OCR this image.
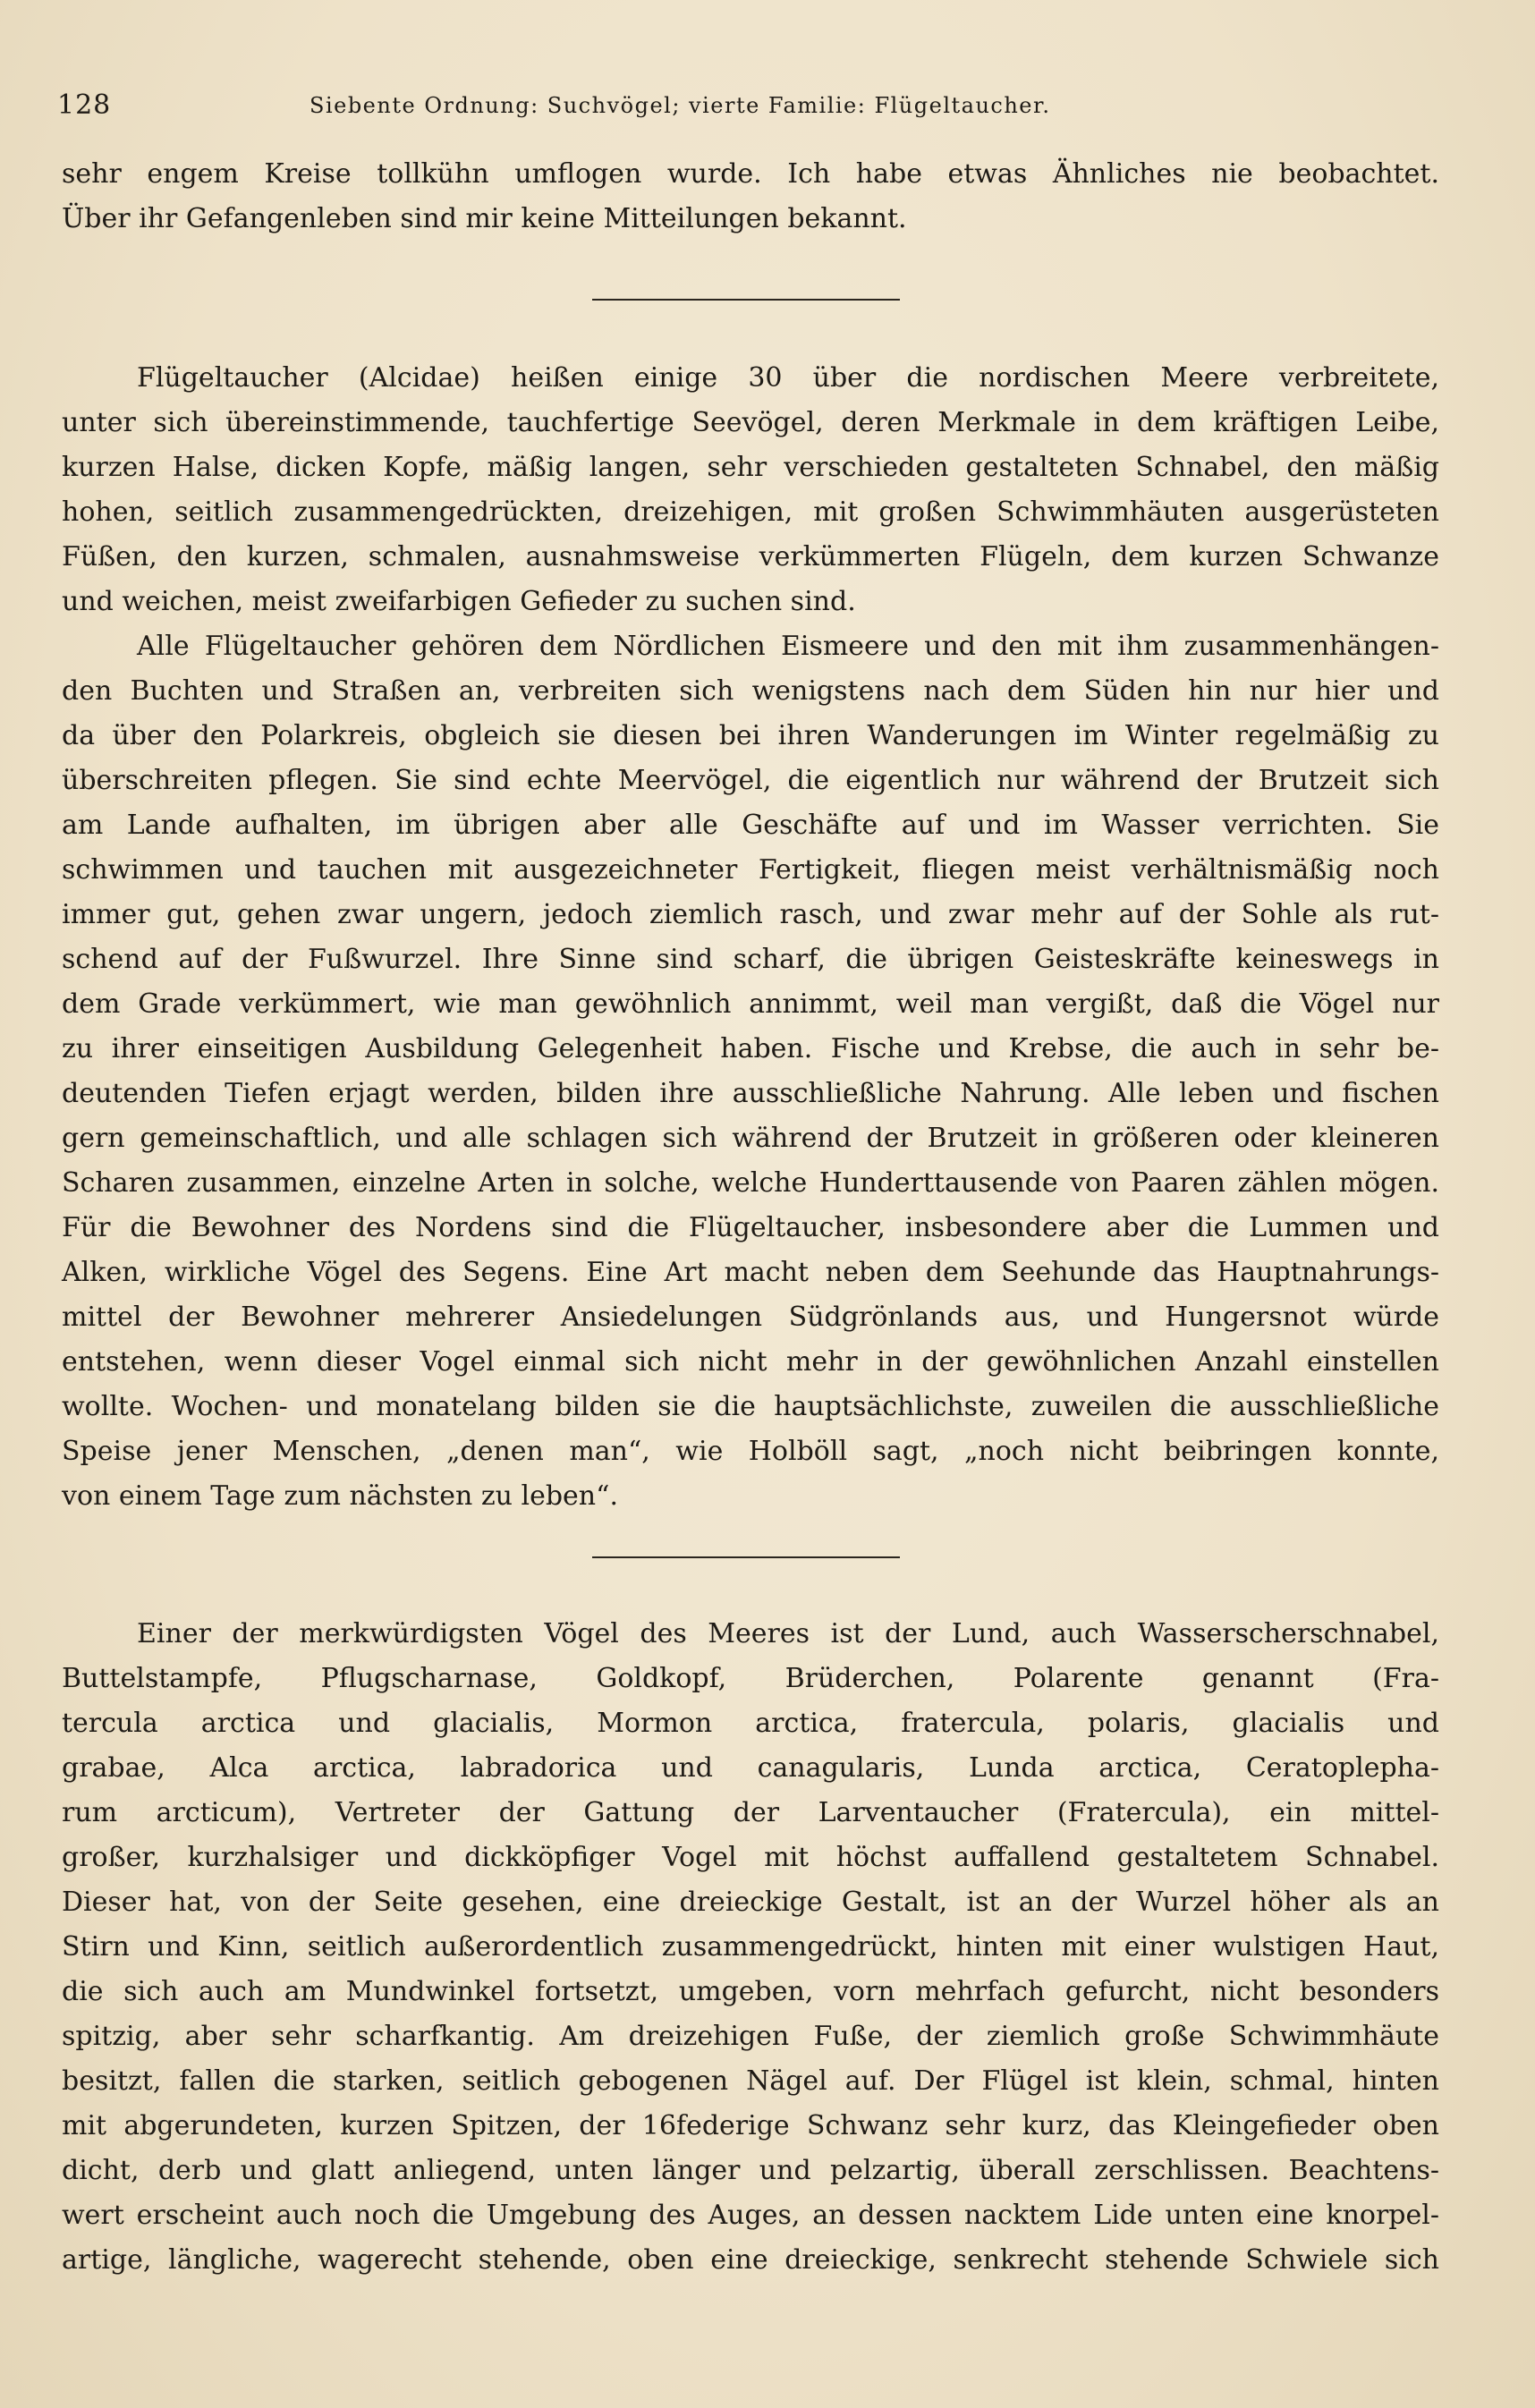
128	Siebente Ordnung: Suchvögel; vierte Familie: Flügeltaucher.
sehr engem Kreise tollkühn umflogen wurde. Ich habe etwas Ähnliches nie beobachtet.
Über ihr Gefangenleben sind mir keine Mitteilungen bekannt.
Flügeltaucher (Alcidae) heißen einige 30 über die nordischen Meere verbreitete,
unter sich übereinstimmende, tauchfertige Seevögel, deren Merkmale in dem kräftigen Leibe,
kurzen Halse, dicken Kopfe, mäßig langen, sehr verschieden gestalteten Schnabel, den mäßig
hohen, seitlich zusammengedrückten, dreizehigen, mit großen Schwimmhäuten ausgerüsteten
Füßen, den kurzen, schmalen, ausnahmsweise verkümmerten Flügeln, dem kurzen Schwanze
und weichen, meist zweifarbigen Gefieder zu suchen sind.
Alle Flügeltaucher gehören dem Nördlichen Eismeere und den mit ihm zusammenhängen-
den Buchten und Straßen an, verbreiten sich wenigstens nach dem Süden hin nur hier und
da über den Polarkreis, obgleich sie diesen bei ihren Wanderungen im Winter regelmäßig zu
überschreiten pflegen. Sie sind echte Meervögel, die eigentlich nur während der Brutzeit sich
am Lande aufhalten, im übrigen aber alle Geschäfte auf und im Wasser verrichten. Sie
schwimmen und tauchen mit ausgezeichneter Fertigkeit, fliegen meist verhältnismäßig noch
immer gut, gehen zwar ungern, jedoch ziemlich rasch, und zwar mehr auf der Sohle als rut-
schend auf der Fußwurzel. Ihre Sinne sind scharf, die übrigen Geisteskräfte keineswegs in
dem Grade verkümmert, wie man gewöhnlich annimmt, weil man vergißt, daß die Vögel nur
zu ihrer einseitigen Ausbildung Gelegenheit haben. Fische und Krebse, die auch in sehr be-
deutenden Tiefen erjagt werden, bilden ihre ausschließliche Nahrung. Alle leben und fischen
gern gemeinschaftlich, und alle schlagen sich während der Brutzeit in größeren oder kleineren
Scharen zusammen, einzelne Arten in solche, welche Hunderttausende von Paaren zählen mögen.
Für die Bewohner des Nordens sind die Flügeltaucher, insbesondere aber die Lummen und
Alken, wirkliche Vögel des Segens. Eine Art macht neben dem Seehunde das Hauptnahrungs-
mittel der Bewohner mehrerer Ansiedelungen Südgrönlands aus, und Hungersnot würde
entstehen, wenn dieser Vogel einmal sich nicht mehr in der gewöhnlichen Anzahl einstellen
wollte. Wochen- und monatelang bilden sie die hauptsächlichste, zuweilen die ausschließliche
Speise jener Menschen, „denen man“, wie Holböll sagt, „noch nicht beibringen konnte,
von einem Tage zum nächsten zu leben“.
Einer der merkwürdigsten Vögel des Meeres ist der Lund, auch Wasserscherschnabel,
Buttelstampfe, Pflugscharnase, Goldkopf, Brüderchen, Polarente genannt (Fra-
tercula arctica und glacialis, Mormon arctica, fratercula, polaris, glacialis und
grabae, Alca arctica, labradorica und canagularis, Lunda arctica, Ceratoplepha-
rum arcticum), Vertreter der Gattung der Larventaucher (Fratercula), ein mittel-
großer, kurzhalsiger und dickköpfiger Vogel mit höchst auffallend gestaltetem Schnabel.
Dieser hat, von der Seite gesehen, eine dreieckige Gestalt, ist an der Wurzel höher als an
Stirn und Kinn, seitlich außerordentlich zusammengedrückt, hinten mit einer wulstigen Haut,
die sich auch am Mundwinkel fortsetzt, umgeben, vorn mehrfach gefurcht, nicht besonders
spitzig, aber sehr scharfkantig. Am dreizehigen Fuße, der ziemlich große Schwimmhäute
besitzt, fallen die starken, seitlich gebogenen Nägel auf. Der Flügel ist klein, schmal, hinten
mit abgerundeten, kurzen Spitzen, der 16federige Schwanz sehr kurz, das Kleingefieder oben
dicht, derb und glatt anliegend, unten länger und pelzartig, überall zerschlissen. Beachtens-
wert erscheint auch noch die Umgebung des Auges, an dessen nacktem Lide unten eine knorpel-
artige, längliche, wagerecht stehende, oben eine dreieckige, senkrecht stehende Schwiele sich
